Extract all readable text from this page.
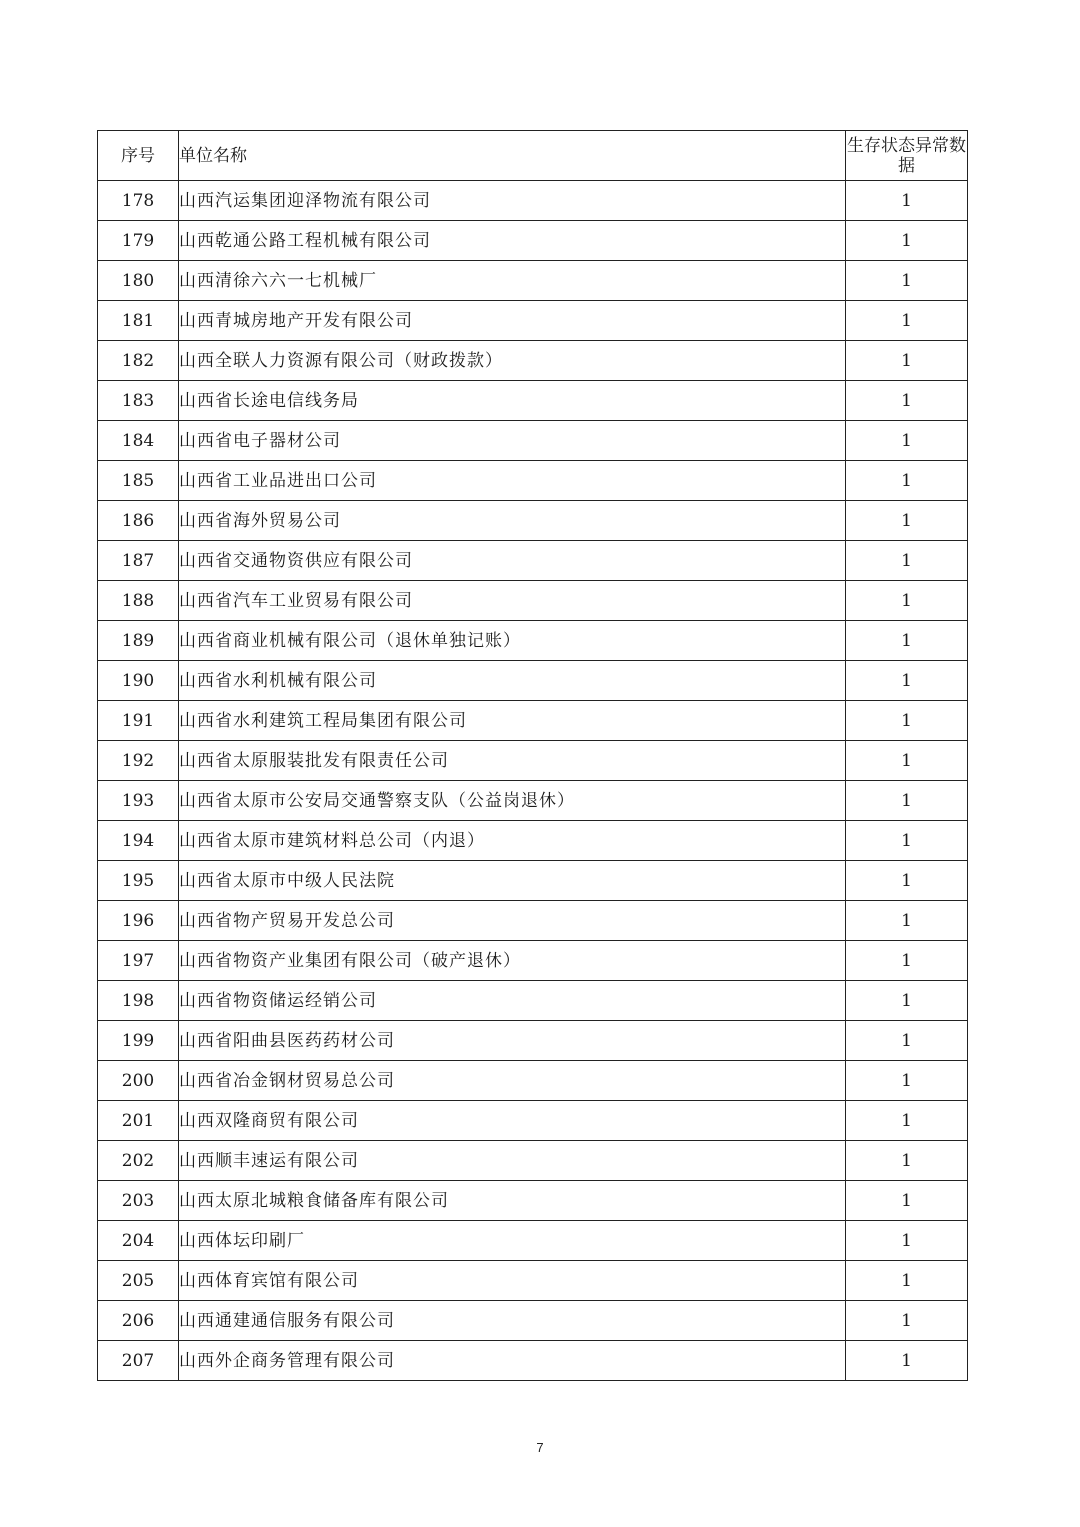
序号	单位名称	生存状态异常数据
178	山西汽运集团迎泽物流有限公司	1
179	山西乾通公路工程机械有限公司	1
180	山西清徐六六一七机械厂	1
181	山西青城房地产开发有限公司	1
182	山西全联人力资源有限公司（财政拨款）	1
183	山西省长途电信线务局	1
184	山西省电子器材公司	1
185	山西省工业品进出口公司	1
186	山西省海外贸易公司	1
187	山西省交通物资供应有限公司	1
188	山西省汽车工业贸易有限公司	1
189	山西省商业机械有限公司（退休单独记账）	1
190	山西省水利机械有限公司	1
191	山西省水利建筑工程局集团有限公司	1
192	山西省太原服装批发有限责任公司	1
193	山西省太原市公安局交通警察支队（公益岗退休）	1
194	山西省太原市建筑材料总公司（内退）	1
195	山西省太原市中级人民法院	1
196	山西省物产贸易开发总公司	1
197	山西省物资产业集团有限公司（破产退休）	1
198	山西省物资储运经销公司	1
199	山西省阳曲县医药药材公司	1
200	山西省冶金钢材贸易总公司	1
201	山西双隆商贸有限公司	1
202	山西顺丰速运有限公司	1
203	山西太原北城粮食储备库有限公司	1
204	山西体坛印刷厂	1
205	山西体育宾馆有限公司	1
206	山西通建通信服务有限公司	1
207	山西外企商务管理有限公司	1
7
